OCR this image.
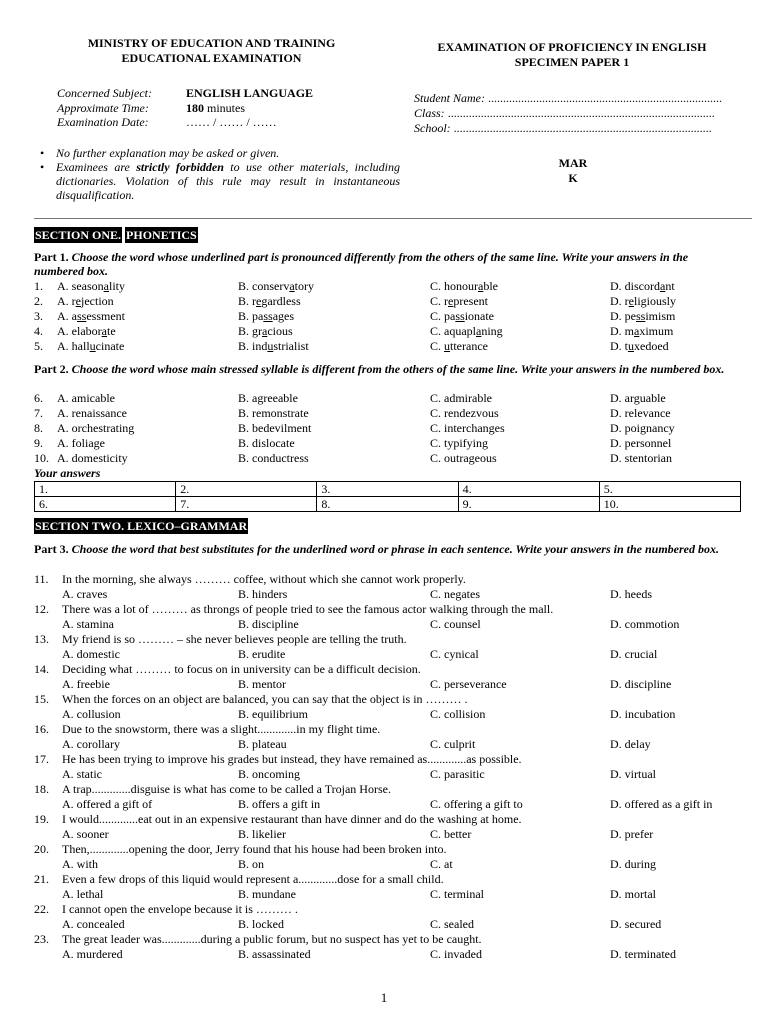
MINISTRY OF EDUCATION AND TRAINING
EDUCATIONAL EXAMINATION
EXAMINATION OF PROFICIENCY IN ENGLISH
SPECIMEN PAPER 1
Concerned Subject:	ENGLISH LANGUAGE
Approximate Time:	180 minutes
Examination Date:	…… / …… / ……
Student Name: ..............................................................................
Class: .........................................................................................
School: ......................................................................................
• No further explanation may be asked or given.
• Examinees are strictly forbidden to use other materials, including dictionaries. Violation of this rule may result in instantaneous disqualification.
MAR
K
SECTION ONE. PHONETICS
Part 1. Choose the word whose underlined part is pronounced differently from the others of the same line. Write your answers in the numbered box.
1.	A. seasonality	B. conservatory	C. honourable	D. discordant
2.	A. rejection	B. regardless	C. represent	D. religiously
3.	A. assessment	B. passages	C. passionate	D. pessimism
4.	A. elaborate	B. gracious	C. aquaplaning	D. maximum
5.	A. hallucinate	B. industrialist	C. utterance	D. tuxedoed
Part 2. Choose the word whose main stressed syllable is different from the others of the same line. Write your answers in the numbered box.
6.	A. amicable	B. agreeable	C. admirable	D. arguable
7.	A. renaissance	B. remonstrate	C. rendezvous	D. relevance
8.	A. orchestrating	B. bedevilment	C. interchanges	D. poignancy
9.	A. foliage	B. dislocate	C. typifying	D. personnel
10. A. domesticity	B. conductress	C. outrageous	D. stentorian
Your answers
1.	2.	3.	4.	5.
6.	7.	8.	9.	10.
SECTION TWO. LEXICO–GRAMMAR
Part 3. Choose the word that best substitutes for the underlined word or phrase in each sentence. Write your answers in the numbered box.
11.	In the morning, she always ……… coffee, without which she cannot work properly.
A. craves	B. hinders	C. negates	D. heeds
12.	There was a lot of ……… as throngs of people tried to see the famous actor walking through the mall.
A. stamina	B. discipline	C. counsel	D. commotion
13.	My friend is so ……… – she never believes people are telling the truth.
A. domestic	B. erudite	C. cynical	D. crucial
14.	Deciding what ……… to focus on in university can be a difficult decision.
A. freebie	B. mentor	C. perseverance	D. discipline
15.	When the forces on an object are balanced, you can say that the object is in ……… .
A. collusion	B. equilibrium	C. collision	D. incubation
16.	Due to the snowstorm, there was a slight.............in my flight time.
A. corollary	B. plateau	C. culprit	D. delay
17.	He has been trying to improve his grades but instead, they have remained as.............as possible.
A. static	B. oncoming	C. parasitic	D. virtual
18.	A trap.............disguise is what has come to be called a Trojan Horse.
A. offered a gift of	B. offers a gift in	C. offering a gift to	D. offered as a gift in
19.	I would.............eat out in an expensive restaurant than have dinner and do the washing at home.
A. sooner	B. likelier	C. better	D. prefer
20.	Then,.............opening the door, Jerry found that his house had been broken into.
A. with	B. on	C. at	D. during
21.	Even a few drops of this liquid would represent a.............dose for a small child.
A. lethal	B. mundane	C. terminal	D. mortal
22.	I cannot open the envelope because it is ……… .
A. concealed	B. locked	C. sealed	D. secured
23.	The great leader was.............during a public forum, but no suspect has yet to be caught.
A. murdered	B. assassinated	C. invaded	D. terminated
1
